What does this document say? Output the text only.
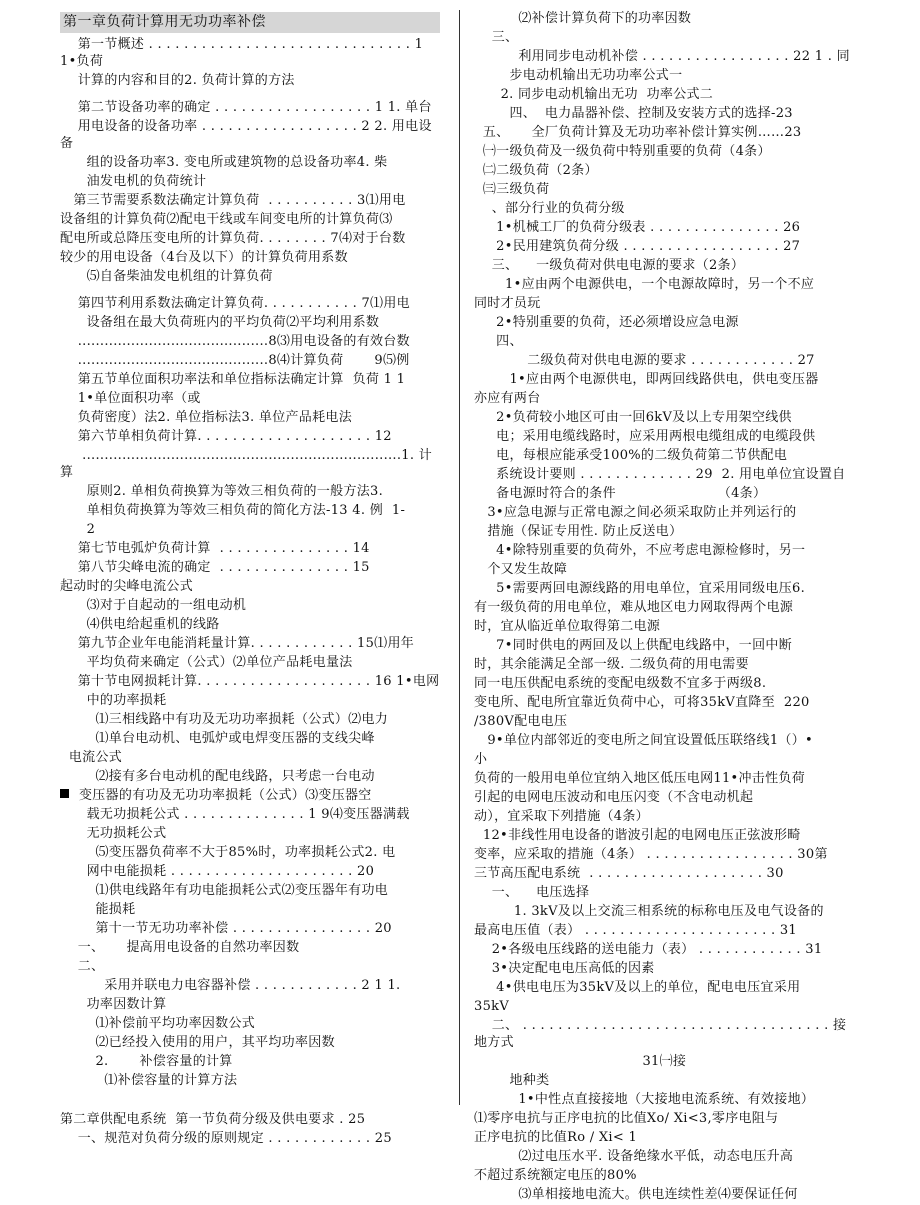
第一章负荷计算用无功功率补偿
第一节概述 . . . . . . . . . . . . . . . . . . . . . . . . . . . . . . 1 1•负荷
计算的内容和目的2. 负荷计算的方法
第二节设备功率的确定 . . . . . . . . . . . . . . . . . . 1 1. 单台
用电设备的设备功率 . . . . . . . . . . . . . . . . . . 2 2. 用电设备
组的设备功率3. 变电所或建筑物的总设备功率4. 柴
油发电机的负荷统计
第三节需要系数法确定计算负荷  . . . . . . . . . . 3⑴用电
设备组的计算负荷⑵配电干线或车间变电所的计算负荷⑶
配电所或总降压变电所的计算负荷. . . . . . . . 7⑷对于台数
较少的用电设备（4台及以下）的计算负荷用系数
⑸自备柴油发电机组的计算负荷
第四节利用系数法确定计算负荷. . . . . . . . . . . 7⑴用电
设备组在最大负荷班内的平均负荷⑵平均利用系数
...........................................8⑶用电设备的有效台数
...........................................8⑷计算负荷       9⑸例
第五节单位面积功率法和单位指标法确定计算  负荷 1 1
1•单位面积功率（或
负荷密度）法2. 单位指标法3. 单位产品耗电法
第六节单相负荷计算. . . . . . . . . . . . . . . . . . . . 12
........................................................................1. 计算
原则2. 单相负荷换算为等效三相负荷的一般方法3.
单相负荷换算为等效三相负荷的简化方法-13 4. 例  1-
2
第七节电弧炉负荷计算  . . . . . . . . . . . . . . . 14
第八节尖峰电流的确定  . . . . . . . . . . . . . . . 15
起动时的尖峰电流公式
⑶对于自起动的一组电动机
⑷供电给起重机的线路
第九节企业年电能消耗量计算. . . . . . . . . . . . 15⑴用年
平均负荷来确定（公式）⑵单位产品耗电量法
第十节电网损耗计算. . . . . . . . . . . . . . . . . . . . 16 1•电网
中的功率损耗
⑴三相线路中有功及无功功率损耗（公式）⑵电力
⑴单台电动机、电弧炉或电焊变压器的支线尖峰
电流公式
⑵接有多台电动机的配电线路，只考虑一台电动
变压器的有功及无功功率损耗（公式）⑶变压器空
载无功损耗公式 . . . . . . . . . . . . . . 1 9⑷变压器满载
无功损耗公式
⑸变压器负荷率不大于85%时，功率损耗公式2. 电
网中电能损耗 . . . . . . . . . . . . . . . . . . . . . 20
⑴供电线路年有功电能损耗公式⑵变压器年有功电
能损耗
第十一节无功功率补偿 . . . . . . . . . . . . . . . . 20
一、     提高用电设备的自然功率因数
二、
采用并联电力电容器补偿 . . . . . . . . . . . . 2 1 1.
功率因数计算
⑴补偿前平均功率因数公式
⑵已经投入使用的用户，其平均功率因数
2.       补偿容量的计算
⑴补偿容量的计算方法
第二章供配电系统  第一节负荷分级及供电要求 . 25
一、规范对负荷分级的原则规定 . . . . . . . . . . . . 25
⑵补偿计算负荷下的功率因数
三、
利用同步电动机补偿 . . . . . . . . . . . . . . . . . 22 1 . 同
步电动机输出无功功率公式一
2. 同步电动机输出无功  功率公式二
四、  电力晶器补偿、控制及安装方式的选择-23
五、     全厂负荷计算及无功功率补偿计算实例……23
㈠一级负荷及一级负荷中特别重要的负荷（4条）
㈡二级负荷（2条）
㈢三级负荷
、部分行业的负荷分级
1•机械工厂的负荷分级表 . . . . . . . . . . . . . . . 26
2•民用建筑负荷分级 . . . . . . . . . . . . . . . . . . 27
三、    一级负荷对供电电源的要求（2条）
1•应由两个电源供电，一个电源故障时，另一个不应
同时才员玩
2•特别重要的负荷，还必须增设应急电源
四、
二级负荷对供电电源的要求 . . . . . . . . . . . . 27
1•应由两个电源供电，即两回线路供电，供电变压器
亦应有两台
2•负荷较小地区可由一回6kV及以上专用架空线供
电；采用电缆线路时，应采用两根电缆组成的电缆段供
电，每根应能承受100%的二级负荷第二节供配电
系统设计要则 . . . . . . . . . . . . . 29  2. 用电单位宜设置自
备电源时符合的条件                       （4条）
3•应急电源与正常电源之间必须采取防止并列运行的
措施（保证专用性. 防止反送电）
4•除特别重要的负荷外，不应考虑电源检修时，另一
个又发生故障
5•需要两回电源线路的用电单位，宜采用同级电压6.
有一级负荷的用电单位，难从地区电力网取得两个电源
时，宜从临近单位取得第二电源
7•同时供电的两回及以上供配电线路中，一回中断
时，其余能满足全部一级. 二级负荷的用电需要
同一电压供配电系统的变配电级数不宜多于两级8.
变电所、配电所宜靠近负荷中心，可将35kV直降至  220
/380V配电电压
9•单位内部邻近的变电所之间宜设置低压联络线1（）•
小
负荷的一般用电单位宜纳入地区低压电网11•冲击性负荷
引起的电网电压波动和电压闪变（不含电动机起
动），宜采取下列措施（4条）
12•非线性用电设备的谐波引起的电网电压正弦波形畸
变率，应采取的措施（4条） . . . . . . . . . . . . . . . . . 30第
三节高压配电系统  . . . . . . . . . . . . . . . . . . . . 30
一、    电压选择
1. 3kV及以上交流三相系统的标称电压及电气设备的
最高电压值（表） . . . . . . . . . . . . . . . . . . . . . . 31
2•各级电压线路的送电能力（表） . . . . . . . . . . . . 31
3•决定配电电压高低的因素
4•供电电压为35kV及以上的单位，配电电压宜采用
35kV
二、 . . . . . . . . . . . . . . . . . . . . . . . . . . . . . . . . . . . 接地方式
31㈠接
地种类
1•中性点直接接地（大接地电流系统、有效接地）
⑴零序电抗与正序电抗的比值Xo/ Xi<3,零序电阻与
正序电抗的比值Ro / Xi< 1
⑵过电压水平. 设备绝缘水平低，动态电压升高
不超过系统额定电压的80%
⑶单相接地电流大。供电连续性差⑷要保证任何
